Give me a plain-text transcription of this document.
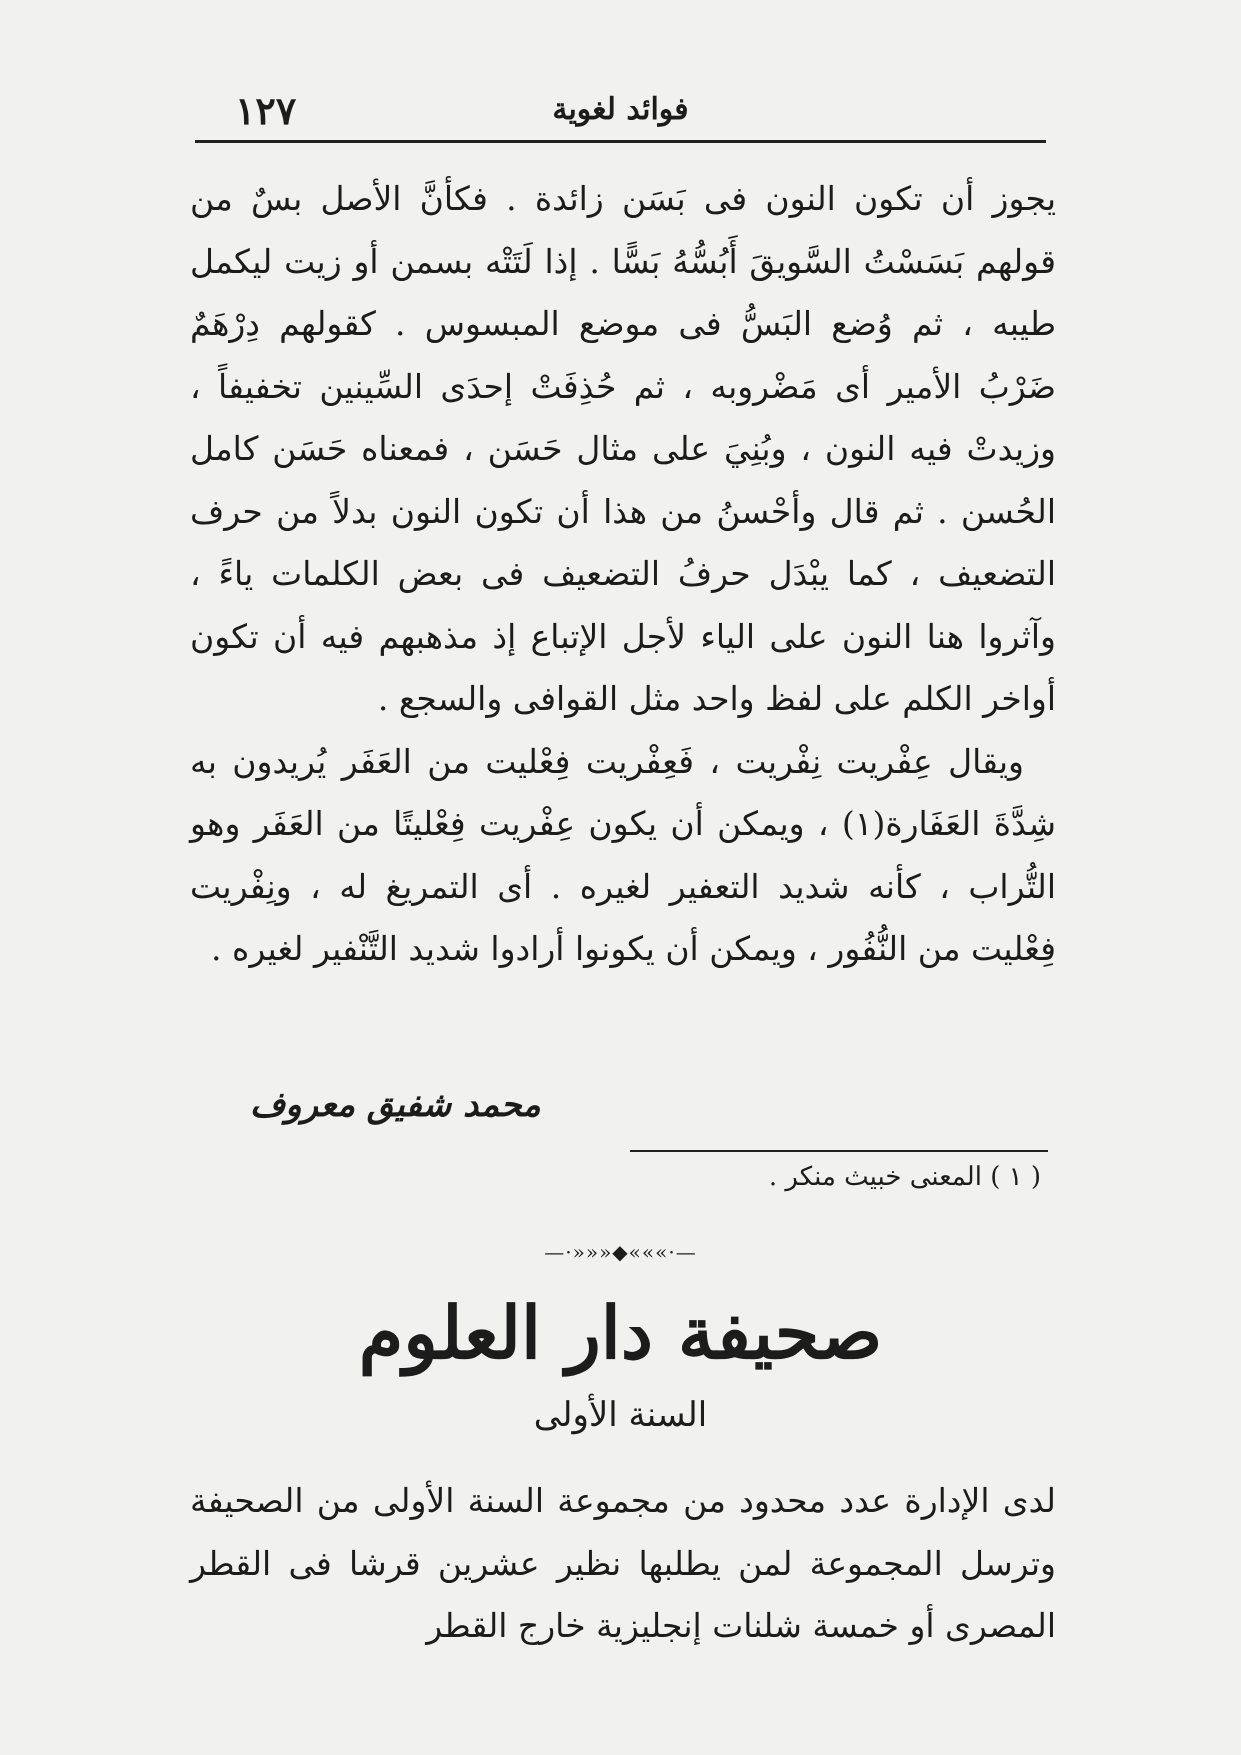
١٢٧	فوائد لغوية

يجوز أن تكون النون فى بَسَن زائدة . فكأنَّ الأصل بسٌ من قولهم بَسَسْتُ السَّويقَ أَبُسُّهُ بَسًّا . إذا لَتَتْه بسمن أو زيت ليكمل طيبه ، ثم وُضع البَسُّ فى موضع المبسوس . كقولهم دِرْهَمٌ ضَرْبُ الأمير أى مَضْروبه ، ثم حُذِفَتْ إحدَى السِّينين تخفيفاً ، وزيدتْ فيه النون ، وبُنِيَ على مثال حَسَن ، فمعناه حَسَن كامل الحُسن . ثم قال وأحْسنُ من هذا أن تكون النون بدلاً من حرف التضعيف ، كما يبْدَل حرفُ التضعيف فى بعض الكلمات ياءً ، وآثروا هنا النون على الياء لأجل الإتباع إذ مذهبهم فيه أن تكون أواخر الكلم على لفظ واحد مثل القوافى والسجع .

ويقال عِفْريت نِفْريت ، فَعِفْريت فِعْليت من العَفَر يُريدون به شِدَّةَ العَفَارة(١) ، ويمكن أن يكون عِفْريت فِعْليتًا من العَفَر وهو التُّراب ، كأنه شديد التعفير لغيره . أى التمريغ له ، ونِفْريت فِعْليت من النُّفُور ، ويمكن أن يكونوا أرادوا شديد التَّنْفير لغيره .

محمد شفيق معروف
( ١ ) المعنى خبيث منكر .
—·»»»◆«««·—
صحيفة دار العلوم
السنة الأولى

لدى الإدارة عدد محدود من مجموعة السنة الأولى من الصحيفة وترسل المجموعة لمن يطلبها نظير عشرين قرشا فى القطر المصرى أو خمسة شلنات إنجليزية خارج القطر
